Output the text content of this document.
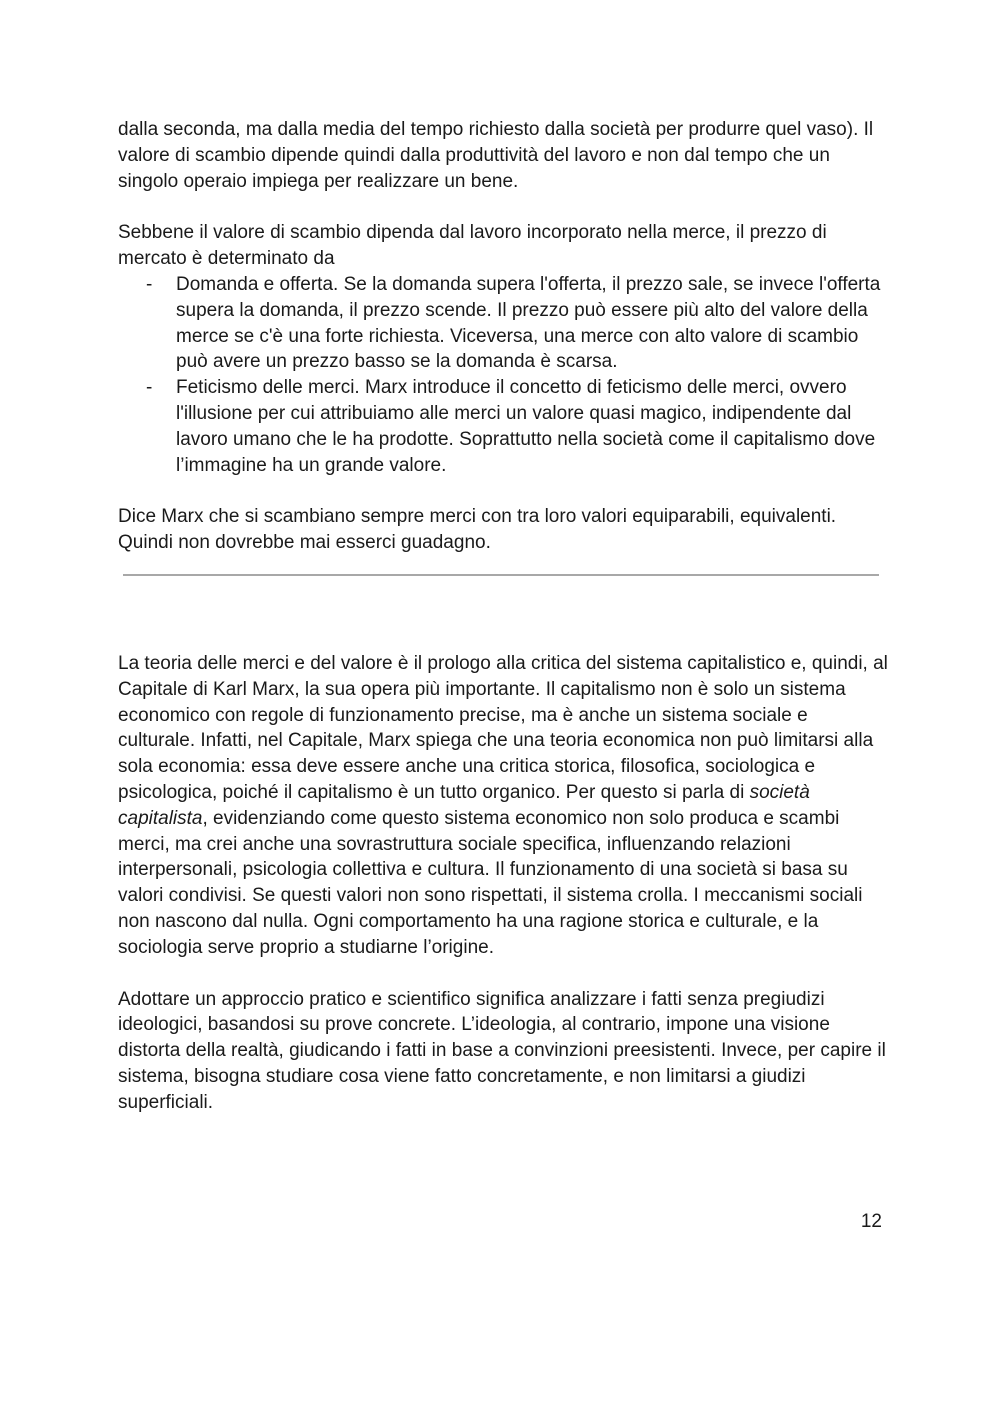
dalla seconda, ma dalla media del tempo richiesto dalla società per produrre quel vaso). Il valore di scambio dipende quindi dalla produttività del lavoro e non dal tempo che un singolo operaio impiega per realizzare un bene.

Sebbene il valore di scambio dipenda dal lavoro incorporato nella merce, il prezzo di mercato è determinato da

- Domanda e offerta. Se la domanda supera l'offerta, il prezzo sale, se invece l'offerta supera la domanda, il prezzo scende. Il prezzo può essere più alto del valore della merce se c'è una forte richiesta. Viceversa, una merce con alto valore di scambio può avere un prezzo basso se la domanda è scarsa.
- Feticismo delle merci. Marx introduce il concetto di feticismo delle merci, ovvero l'illusione per cui attribuiamo alle merci un valore quasi magico, indipendente dal lavoro umano che le ha prodotte. Soprattutto nella società come il capitalismo dove l’immagine ha un grande valore.

Dice Marx che si scambiano sempre merci con tra loro valori equiparabili, equivalenti. Quindi non dovrebbe mai esserci guadagno.

La teoria delle merci e del valore è il prologo alla critica del sistema capitalistico e, quindi, al Capitale di Karl Marx, la sua opera più importante. Il capitalismo non è solo un sistema economico con regole di funzionamento precise, ma è anche un sistema sociale e culturale. Infatti, nel Capitale, Marx spiega che una teoria economica non può limitarsi alla sola economia: essa deve essere anche una critica storica, filosofica, sociologica e psicologica, poiché il capitalismo è un tutto organico. Per questo si parla di società capitalista, evidenziando come questo sistema economico non solo produca e scambi merci, ma crei anche una sovrastruttura sociale specifica, influenzando relazioni interpersonali, psicologia collettiva e cultura. Il funzionamento di una società si basa su valori condivisi. Se questi valori non sono rispettati, il sistema crolla. I meccanismi sociali non nascono dal nulla. Ogni comportamento ha una ragione storica e culturale, e la sociologia serve proprio a studiarne l’origine.

Adottare un approccio pratico e scientifico significa analizzare i fatti senza pregiudizi ideologici, basandosi su prove concrete. L’ideologia, al contrario, impone una visione distorta della realtà, giudicando i fatti in base a convinzioni preesistenti. Invece, per capire il sistema, bisogna studiare cosa viene fatto concretamente, e non limitarsi a giudizi superficiali.

12
